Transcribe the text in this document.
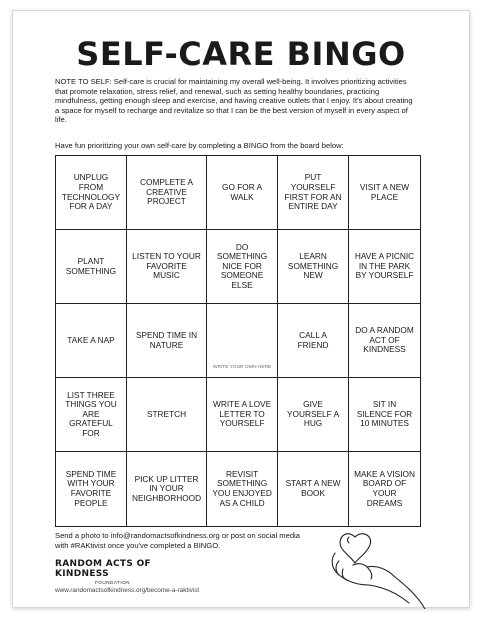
SELF-CARE BINGO
NOTE TO SELF: Self-care is crucial for maintaining my overall well-being. It involves prioritizing activities that promote relaxation, stress relief, and renewal, such as setting healthy boundaries, practicing mindfulness, getting enough sleep and exercise, and having creative outlets that I enjoy. It's about creating a space for myself to recharge and revitalize so that I can be the best version of myself in every aspect of life.
Have fun prioritizing your own self-care by completing a BINGO from the board below:
UNPLUG FROM TECHNOLOGY FOR A DAY
COMPLETE A CREATIVE PROJECT
GO FOR A WALK
PUT YOURSELF FIRST FOR AN ENTIRE DAY
VISIT A NEW PLACE
PLANT SOMETHING
LISTEN TO YOUR FAVORITE MUSIC
DO SOMETHING NICE FOR SOMEONE ELSE
LEARN SOMETHING NEW
HAVE A PICNIC IN THE PARK BY YOURSELF
TAKE A NAP	SPEND TIME IN NATURE
WRITE YOUR OWN HERE
CALL A FRIEND
DO A RANDOM ACT OF KINDNESS
LIST THREE THINGS YOU ARE GRATEFUL FOR
STRETCH
WRITE A LOVE LETTER TO YOURSELF
GIVE YOURSELF A HUG
SIT IN SILENCE FOR 10 MINUTES
SPEND TIME WITH YOUR FAVORITE PEOPLE
PICK UP LITTER IN YOUR NEIGHBORHOOD
REVISIT SOMETHING YOU ENJOYED AS A CHILD
START A NEW BOOK
MAKE A VISION BOARD OF YOUR DREAMS
Send a photo to info@randomactsofkindness.org or post on social media with #RAKtivist once you've completed a BINGO.
RANDOM ACTS OF KINDNESS
FOUNDATION
www.randomactsofkindness.org/become-a-raktivist
